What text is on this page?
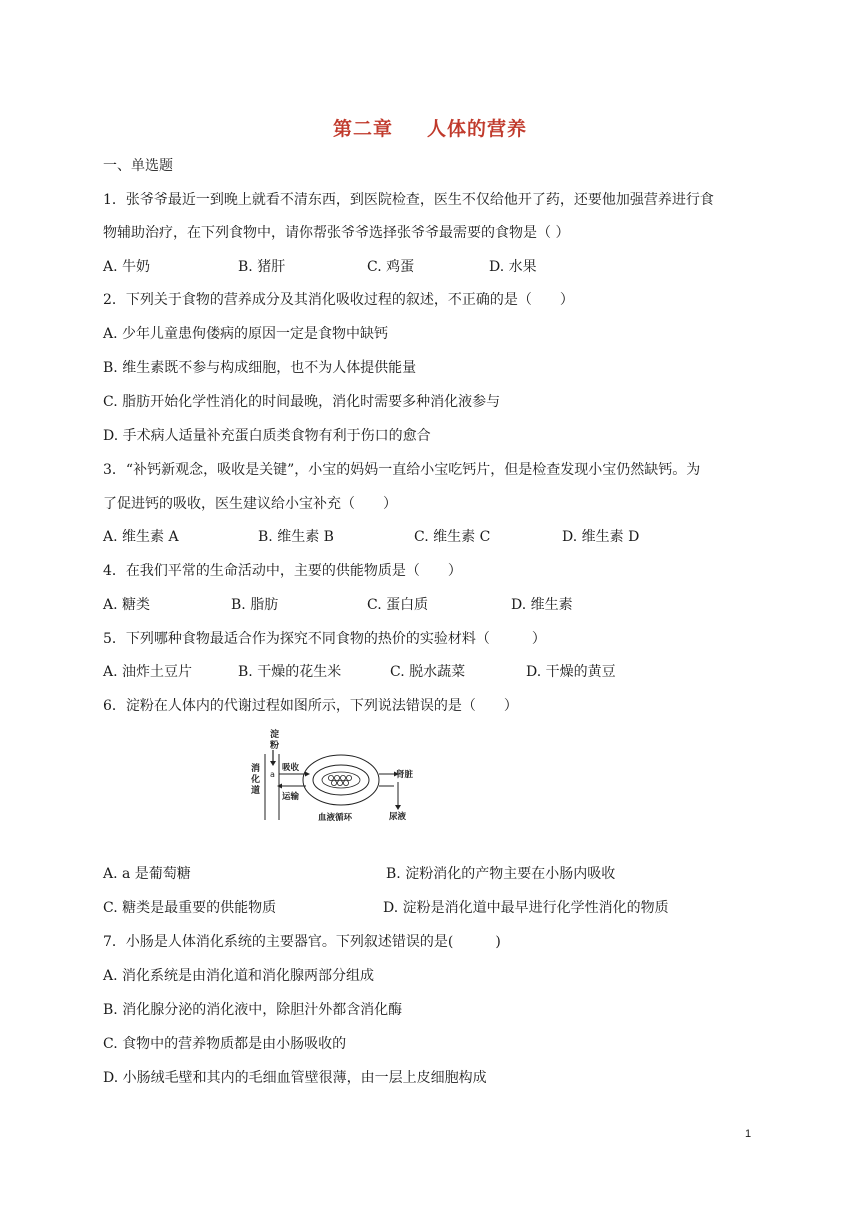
第二章 人体的营养
一、单选题
1．张爷爷最近一到晚上就看不清东西，到医院检查，医生不仅给他开了药，还要他加强营养进行食
物辅助治疗，在下列食物中，请你帮张爷爷选择张爷爷最需要的食物是（ ）
A. 牛奶	B. 猪肝	C. 鸡蛋	D. 水果
2．下列关于食物的营养成分及其消化吸收过程的叙述，不正确的是（　　）
A. 少年儿童患佝偻病的原因一定是食物中缺钙
B. 维生素既不参与构成细胞，也不为人体提供能量
C. 脂肪开始化学性消化的时间最晚，消化时需要多种消化液参与
D. 手术病人适量补充蛋白质类食物有利于伤口的愈合
3．“补钙新观念，吸收是关键”，小宝的妈妈一直给小宝吃钙片，但是检查发现小宝仍然缺钙。为
了促进钙的吸收，医生建议给小宝补充（　　）
A. 维生素 A	B. 维生素 B	C. 维生素 C	D. 维生素 D
4．在我们平常的生命活动中，主要的供能物质是（　　）
A. 糖类	B. 脂肪	C. 蛋白质	D. 维生素
5．下列哪种食物最适合作为探究不同食物的热价的实验材料（　　　）
A. 油炸土豆片	B. 干燥的花生米	C. 脱水蔬菜	D. 干燥的黄豆
6．淀粉在人体内的代谢过程如图所示，下列说法错误的是（　　）
淀
粉
消
化
道
a
吸收
运输
肾脏
尿液
血液循环
A. a 是葡萄糖	B. 淀粉消化的产物主要在小肠内吸收
C. 糖类是最重要的供能物质	D. 淀粉是消化道中最早进行化学性消化的物质
7．小肠是人体消化系统的主要器官。下列叙述错误的是(　　　)
A. 消化系统是由消化道和消化腺两部分组成
B. 消化腺分泌的消化液中，除胆汁外都含消化酶
C. 食物中的营养物质都是由小肠吸收的
D. 小肠绒毛壁和其内的毛细血管壁很薄，由一层上皮细胞构成
1
